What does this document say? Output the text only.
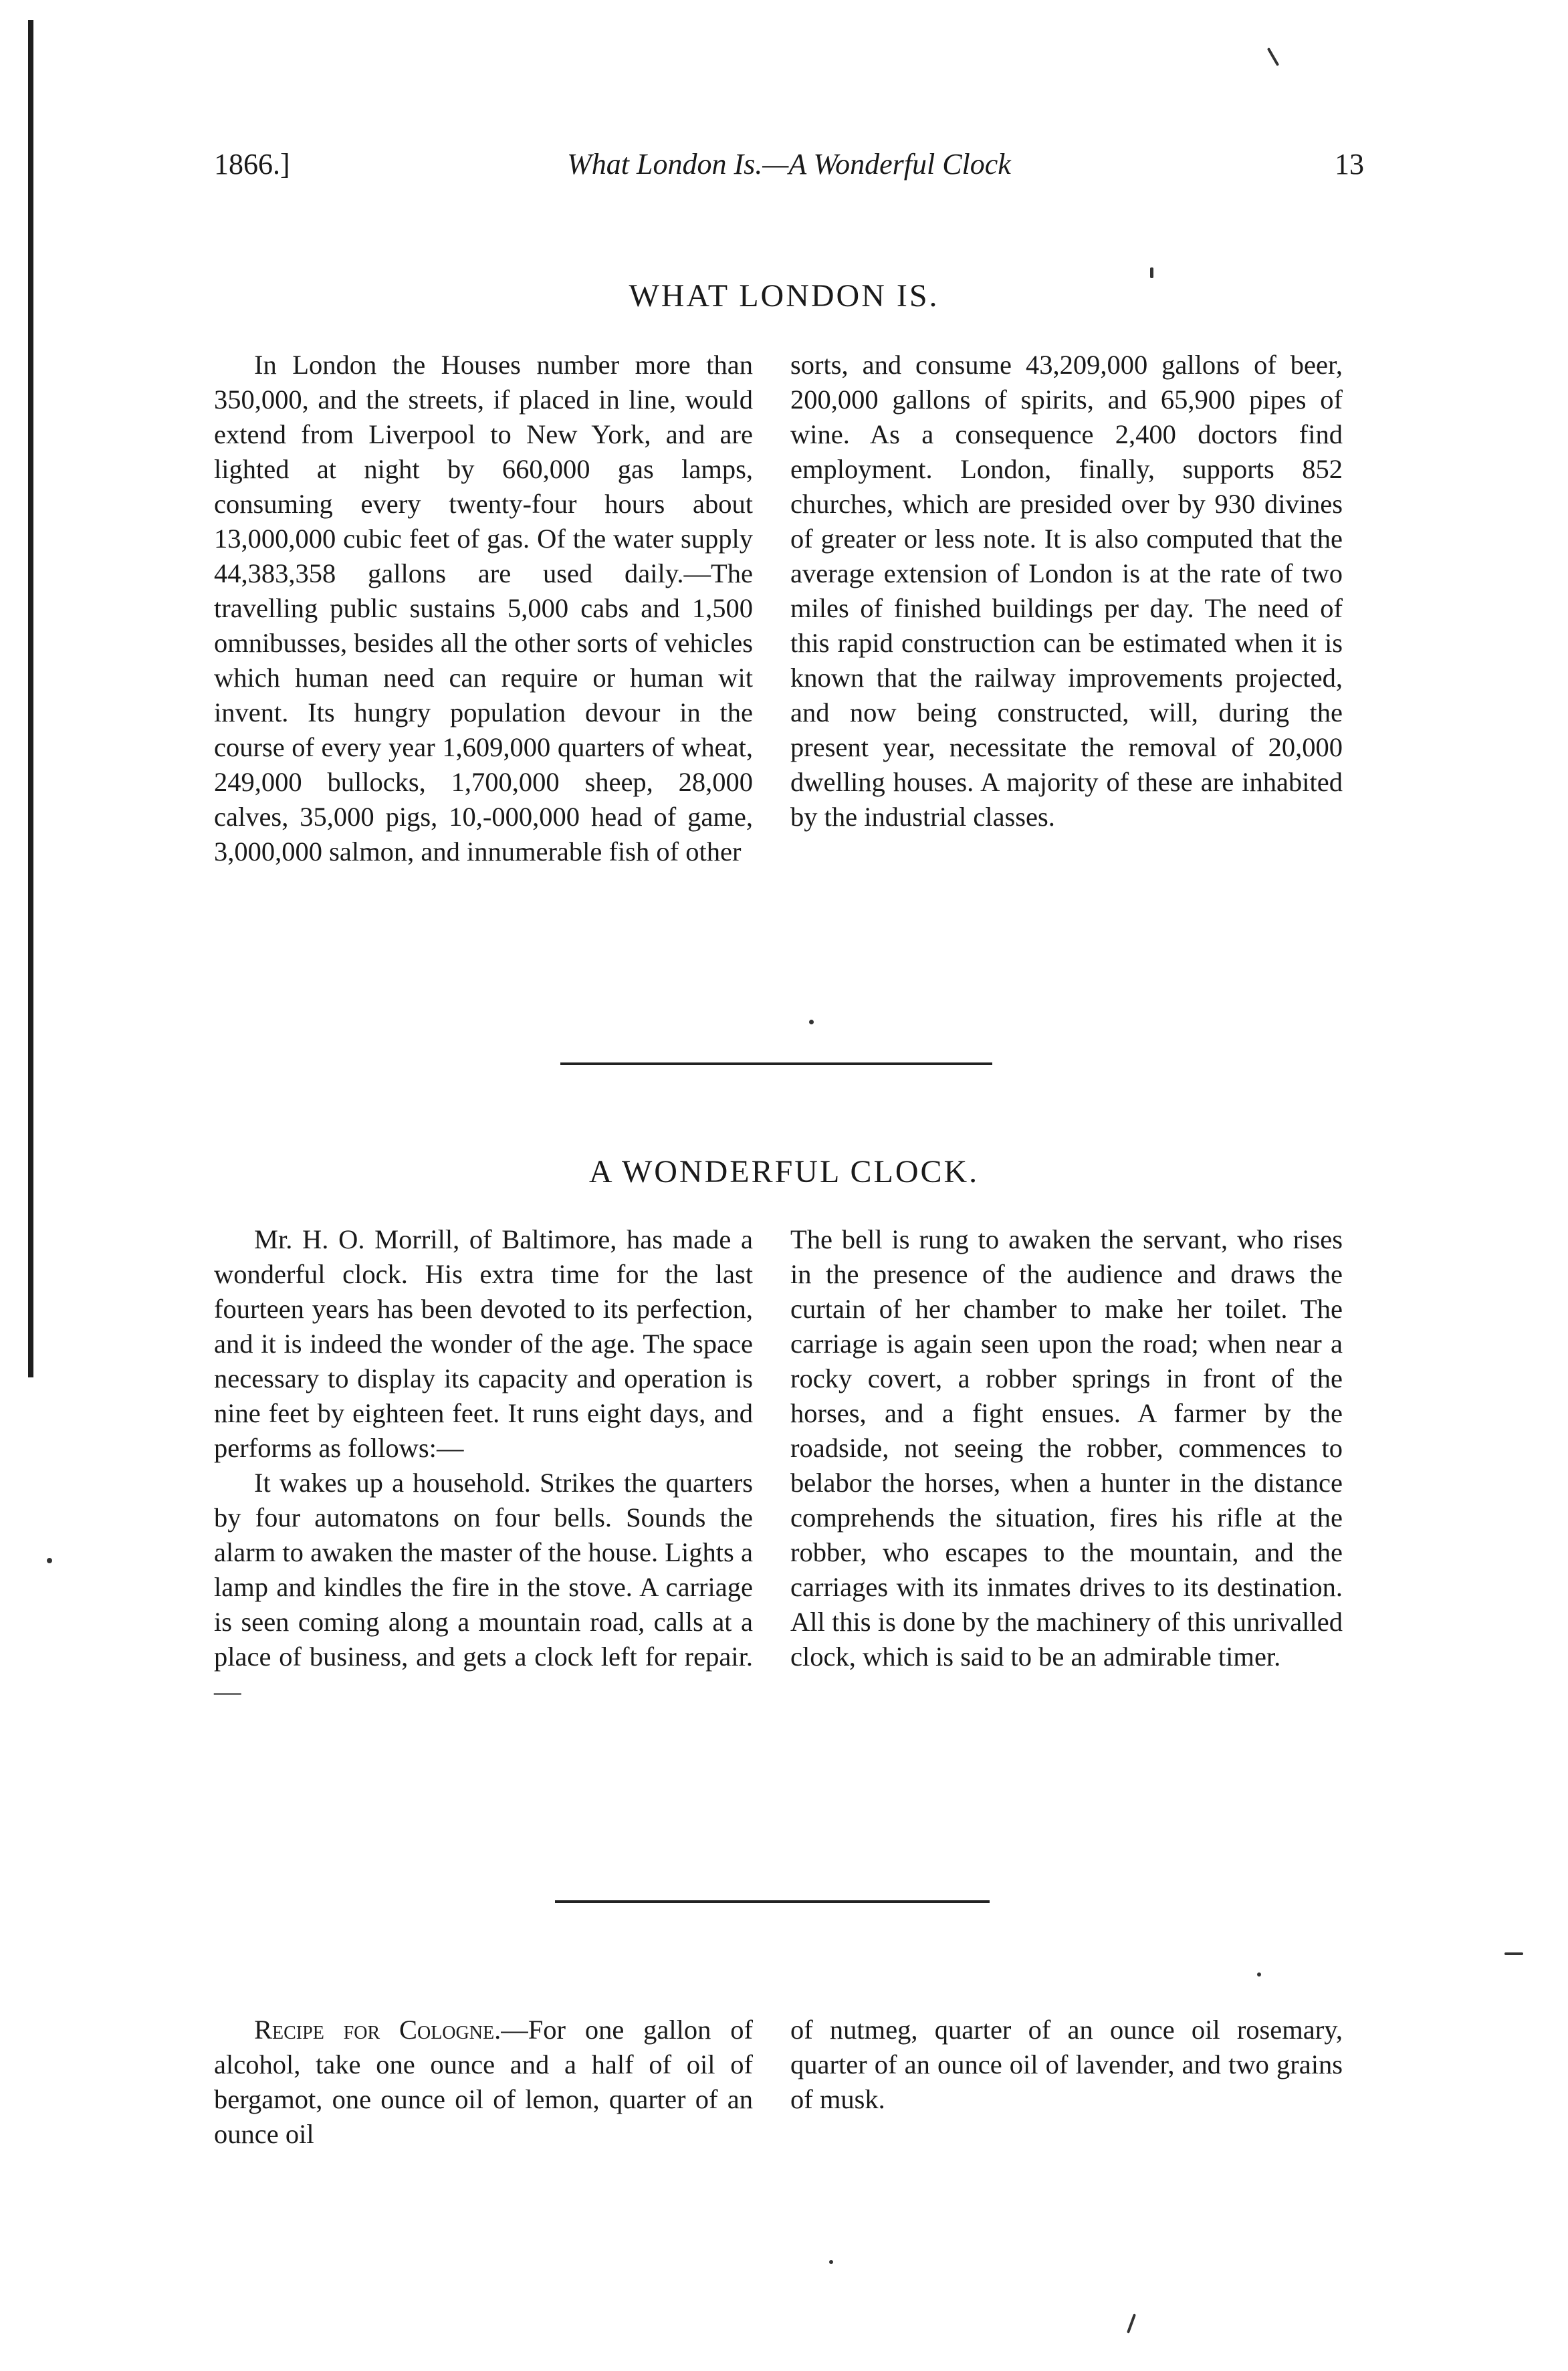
1866.]	What London Is.—A Wonderful Clock	13
WHAT LONDON IS.

In London the Houses number more than 350,000, and the streets, if placed in line, would extend from Liverpool to New York, and are lighted at night by 660,000 gas lamps, consuming every twenty-four hours about 13,000,000 cubic feet of gas. Of the water supply 44,383,358 gallons are used daily.—The travelling public sustains 5,000 cabs and 1,500 omnibusses, besides all the other sorts of vehicles which human need can require or human wit invent. Its hungry population devour in the course of every year 1,609,000 quarters of wheat, 249,000 bullocks, 1,700,000 sheep, 28,000 calves, 35,000 pigs, 10,-000,000 head of game, 3,000,000 salmon, and innumerable fish of other

sorts, and consume 43,209,000 gallons of beer, 200,000 gallons of spirits, and 65,900 pipes of wine. As a consequence 2,400 doctors find employment. London, finally, supports 852 churches, which are presided over by 930 divines of greater or less note. It is also computed that the average extension of London is at the rate of two miles of finished buildings per day. The need of this rapid construction can be estimated when it is known that the railway improvements projected, and now being constructed, will, during the present year, necessitate the removal of 20,000 dwelling houses. A majority of these are inhabited by the industrial classes.

A WONDERFUL CLOCK.

Mr. H. O. Morrill, of Baltimore, has made a wonderful clock. His extra time for the last fourteen years has been devoted to its perfection, and it is indeed the wonder of the age. The space necessary to display its capacity and operation is nine feet by eighteen feet. It runs eight days, and performs as follows:—

It wakes up a household. Strikes the quarters by four automatons on four bells. Sounds the alarm to awaken the master of the house. Lights a lamp and kindles the fire in the stove. A carriage is seen coming along a mountain road, calls at a place of business, and gets a clock left for repair.—

The bell is rung to awaken the servant, who rises in the presence of the audience and draws the curtain of her chamber to make her toilet. The carriage is again seen upon the road; when near a rocky covert, a robber springs in front of the horses, and a fight ensues. A farmer by the roadside, not seeing the robber, commences to belabor the horses, when a hunter in the distance comprehends the situation, fires his rifle at the robber, who escapes to the mountain, and the carriages with its inmates drives to its destination. All this is done by the machinery of this unrivalled clock, which is said to be an admirable timer.

Recipe for Cologne.—For one gallon of alcohol, take one ounce and a half of oil of bergamot, one ounce oil of lemon, quarter of an ounce oil

of nutmeg, quarter of an ounce oil rosemary, quarter of an ounce oil of lavender, and two grains of musk.
